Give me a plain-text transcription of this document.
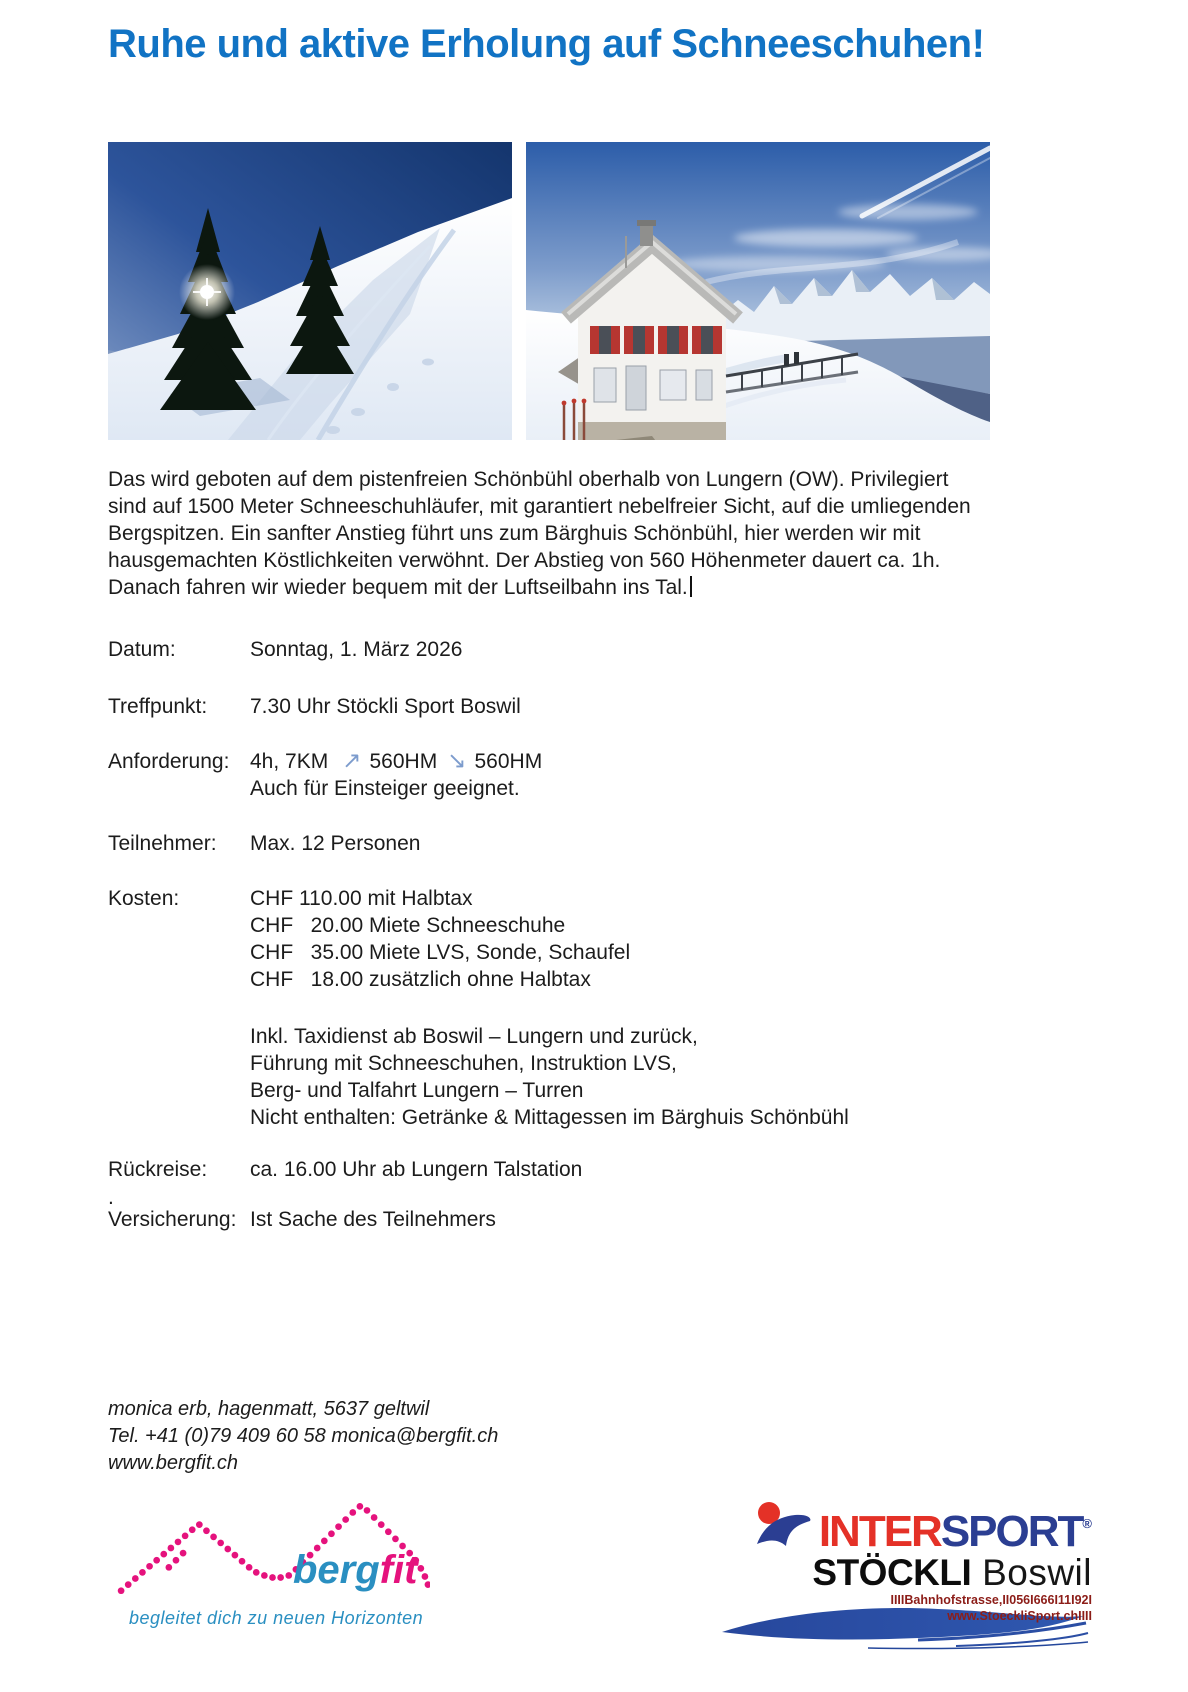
Ruhe und aktive Erholung auf Schneeschuhen!
Das wird geboten auf dem pistenfreien Schönbühl oberhalb von Lungern (OW). Privilegiert
sind auf 1500 Meter Schneeschuhläufer, mit garantiert nebelfreier Sicht, auf die umliegenden
Bergspitzen. Ein sanfter Anstieg führt uns zum Bärghuis Schönbühl, hier werden wir mit
hausgemachten Köstlichkeiten verwöhnt. Der Abstieg von 560 Höhenmeter dauert ca. 1h.
Danach fahren wir wieder bequem mit der Luftseilbahn ins Tal.
Datum:	Sonntag, 1. März 2026
Treffpunkt:	7.30 Uhr Stöckli Sport Boswil
Anforderung: 4h, 7KM ↗ 560HM ↘ 560HM
Auch für Einsteiger geeignet.
Teilnehmer:	Max. 12 Personen
Kosten:	CHF 110.00 mit Halbtax
CHF   20.00 Miete Schneeschuhe
CHF   35.00 Miete LVS, Sonde, Schaufel
CHF   18.00 zusätzlich ohne Halbtax
Inkl. Taxidienst ab Boswil – Lungern und zurück,
Führung mit Schneeschuhen, Instruktion LVS,
Berg- und Talfahrt Lungern – Turren
Nicht enthalten: Getränke & Mittagessen im Bärghuis Schönbühl
Rückreise:	ca. 16.00 Uhr ab Lungern Talstation
.
Versicherung: Ist Sache des Teilnehmers
monica erb, hagenmatt, 5637 geltwil
Tel. +41 (0)79 409 60 58 monica@bergfit.ch
www.bergfit.ch
bergfit
begleitet dich zu neuen Horizonten
INTERSPORT®
STÖCKLI Boswil
IIIIBahnhofstrasse,II056I666I11I92I
www.StoeckliSport.chIIII
